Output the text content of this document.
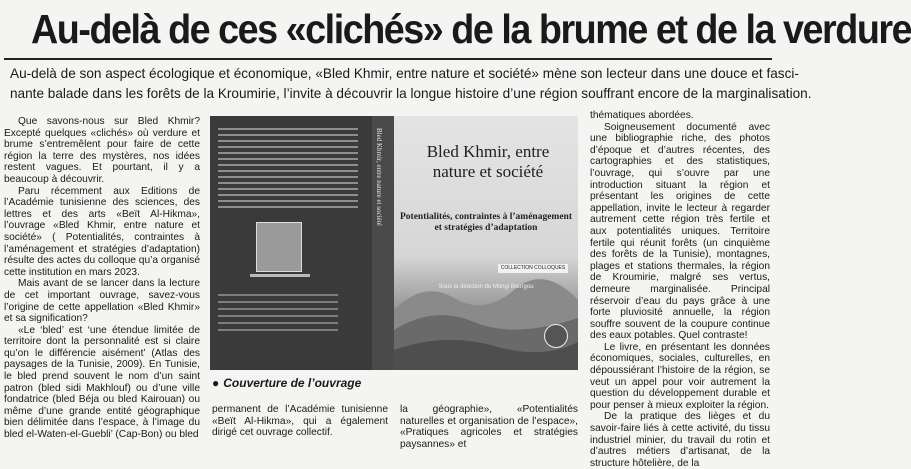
Au-delà de ces «clichés» de la brume et de la verdure
Au-delà de son aspect écologique et économique, «Bled Khmir, entre nature et société» mène son lecteur dans une douce et fasci-
nante balade dans les forêts de la Kroumirie, l’invite à découvrir la longue histoire d’une région souffrant encore de la marginalisation.

Que savons-nous sur Bled Khmir? Excepté quelques «clichés» où verdure et brume s’entremêlent pour faire de cette région la terre des mystères, nos idées restent vagues. Et pourtant, il y a beaucoup à découvrir.

Paru récemment aux Editions de l’Académie tunisienne des sciences, des lettres et des arts «Beït Al-Hikma», l’ouvrage «Bled Khmir, entre nature et société» ( Potentialités, contraintes à l’aménagement et stratégies d’adaptation) résulte des actes du colloque qu’a organisé cette institution en mars 2023.

Mais avant de se lancer dans la lecture de cet important ouvrage, savez-vous l’origine de cette appellation «Bled Khmir» et sa signification?

«Le ‘bled’ est ‘une étendue limitée de territoire dont la personnalité est si claire qu’on le différencie aisément’ (Atlas des paysages de la Tunisie, 2009). En Tunisie, le bled prend souvent le nom d’un saint patron (bled sidi Makhlouf) ou d’une ville fondatrice (bled Béja ou bled Kairouan) ou même d’une grande entité géographique bien délimitée dans l’espace, à l’image du bled el-Waten-el-Guebli’ (Cap-Bon) ou bled

Bled Khmir, entre nature et société	Bled Khmir, entre nature et société
Potentialités, contraintes à l’aménagement et stratégies d’adaptation
COLLECTION COLLOQUES
Sous la direction de Mongi Bourgou
● Couverture de l’ouvrage

permanent de l’Académie tunisienne «Beït Al-Hikma», qui a également dirigé cet ouvrage collectif.

la géographie», «Potentialités naturelles et organisation de l’espace», «Pratiques agricoles et stratégies paysannes» et

thématiques abordées.

Soigneusement documenté avec une bibliographie riche, des photos d’époque et d’autres récentes, des cartographies et des statistiques, l’ouvrage, qui s’ouvre par une introduction situant la région et présentant les origines de cette appellation, invite le lecteur à regarder autrement cette région très fertile et aux potentialités uniques. Territoire fertile qui réunit forêts (un cinquième des forêts de la Tunisie), montagnes, plages et stations thermales, la région de Kroumirie, malgré ses vertus, demeure marginalisée. Principal réservoir d’eau du pays grâce à une forte pluviosité annuelle, la région souffre souvent de la coupure continue des eaux potables. Quel contraste!

Le livre, en présentant les données économiques, sociales, culturelles, en dépoussiérant l’histoire de la région, se veut un appel pour voir autrement la question du développement durable et pour penser à mieux exploiter la région.

De la pratique des lièges et du savoir-faire liés à cette activité, du tissu industriel minier, du travail du rotin et d’autres métiers d’artisanat, de la structure hôtelière, de la
